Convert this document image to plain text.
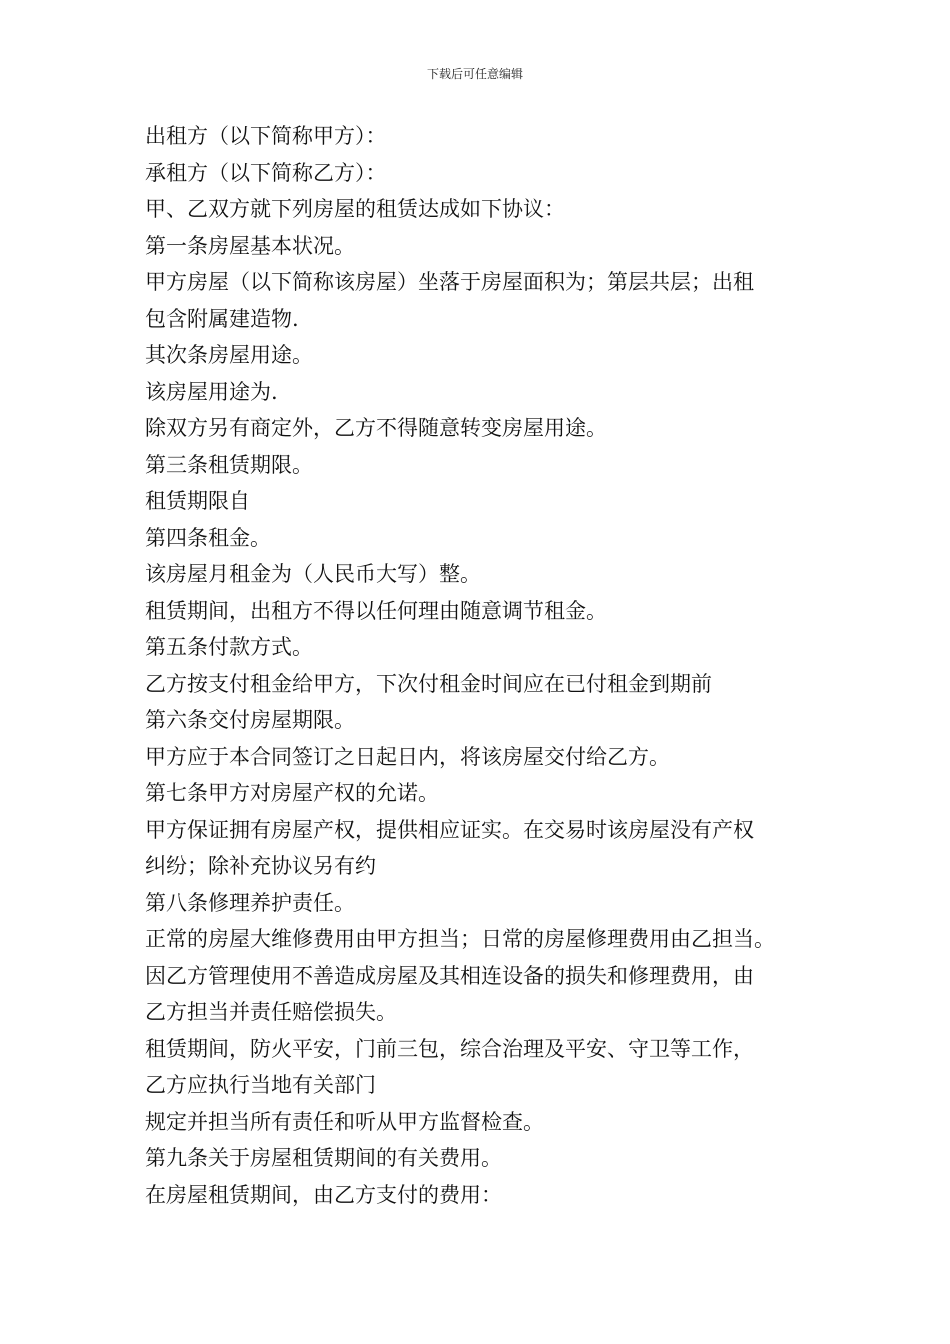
下载后可任意编辑

出租方（以下简称甲方）：

承租方（以下简称乙方）：

甲、乙双方就下列房屋的租赁达成如下协议：

第一条房屋基本状况。

甲方房屋（以下简称该房屋）坐落于房屋面积为；第层共层；出租

包含附属建造物.

其次条房屋用途。

该房屋用途为.

除双方另有商定外，乙方不得随意转变房屋用途。

第三条租赁期限。

租赁期限自

第四条租金。

该房屋月租金为（人民币大写）整。

租赁期间，出租方不得以任何理由随意调节租金。

第五条付款方式。

乙方按支付租金给甲方，下次付租金时间应在已付租金到期前

第六条交付房屋期限。

甲方应于本合同签订之日起日内，将该房屋交付给乙方。

第七条甲方对房屋产权的允诺。

甲方保证拥有房屋产权，提供相应证实。在交易时该房屋没有产权

纠纷；除补充协议另有约

第八条修理养护责任。

正常的房屋大维修费用由甲方担当；日常的房屋修理费用由乙担当。

因乙方管理使用不善造成房屋及其相连设备的损失和修理费用，由

乙方担当并责任赔偿损失。

租赁期间，防火平安，门前三包，综合治理及平安、守卫等工作，

乙方应执行当地有关部门

规定并担当所有责任和听从甲方监督检查。

第九条关于房屋租赁期间的有关费用。

在房屋租赁期间，由乙方支付的费用：
